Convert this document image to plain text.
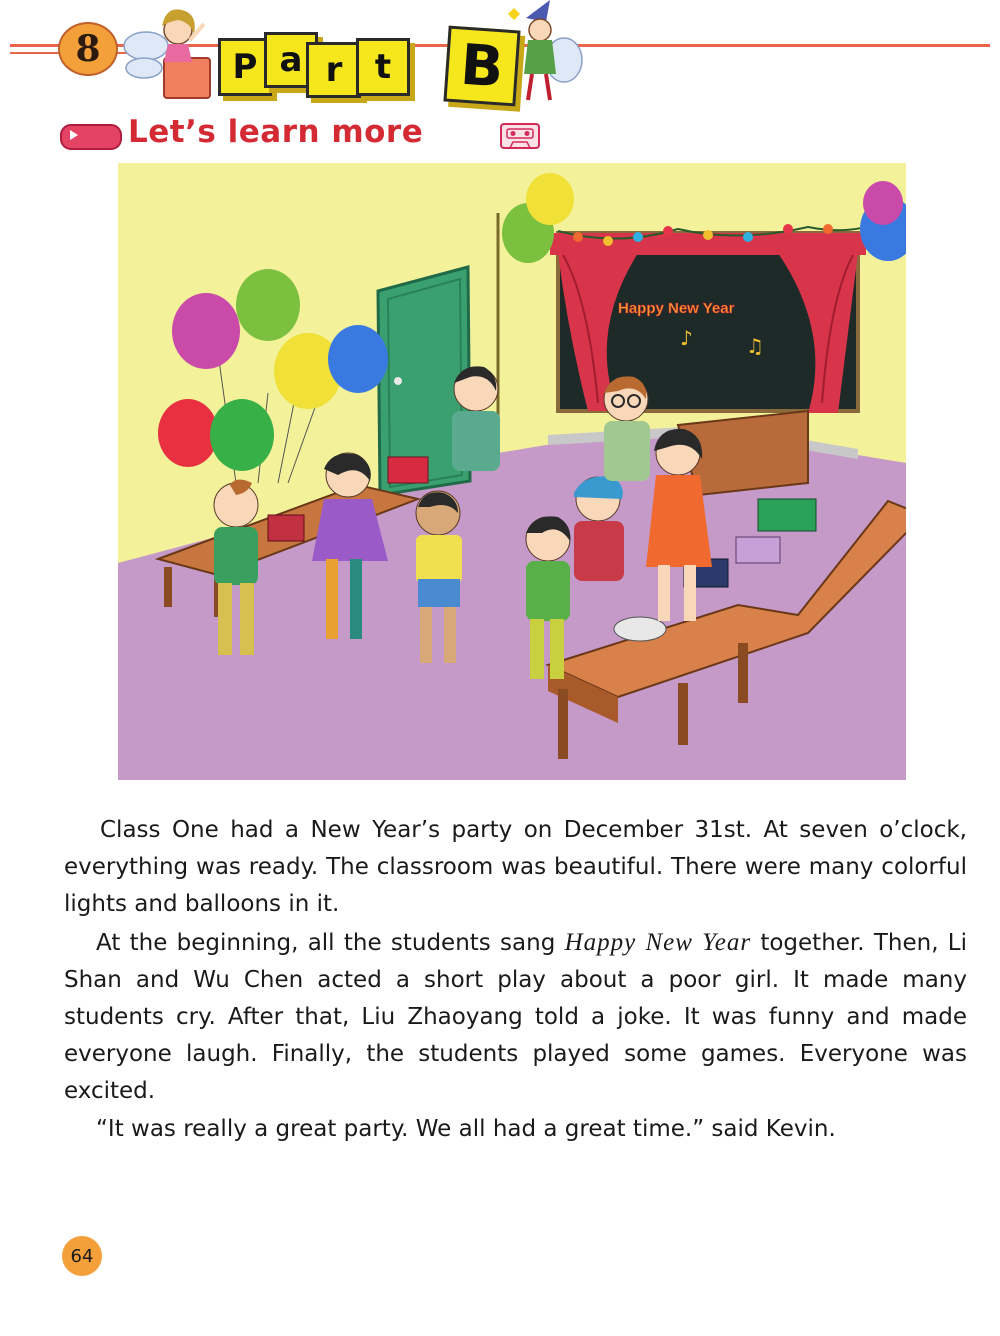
8	P a r t	B
Let’s learn more
Happy New Year
♪	♫

Class One had a New Year’s party on December 31st. At seven o’clock, everything was ready. The classroom was beautiful. There were many colorful lights and balloons in it.

At the beginning, all the students sang Happy New Year together. Then, Li Shan and Wu Chen acted a short play about a poor girl. It made many students cry. After that, Liu Zhaoyang told a joke. It was funny and made everyone laugh. Finally, the students played some games. Everyone was excited.

“It was really a great party. We all had a great time.” said Kevin.

64
